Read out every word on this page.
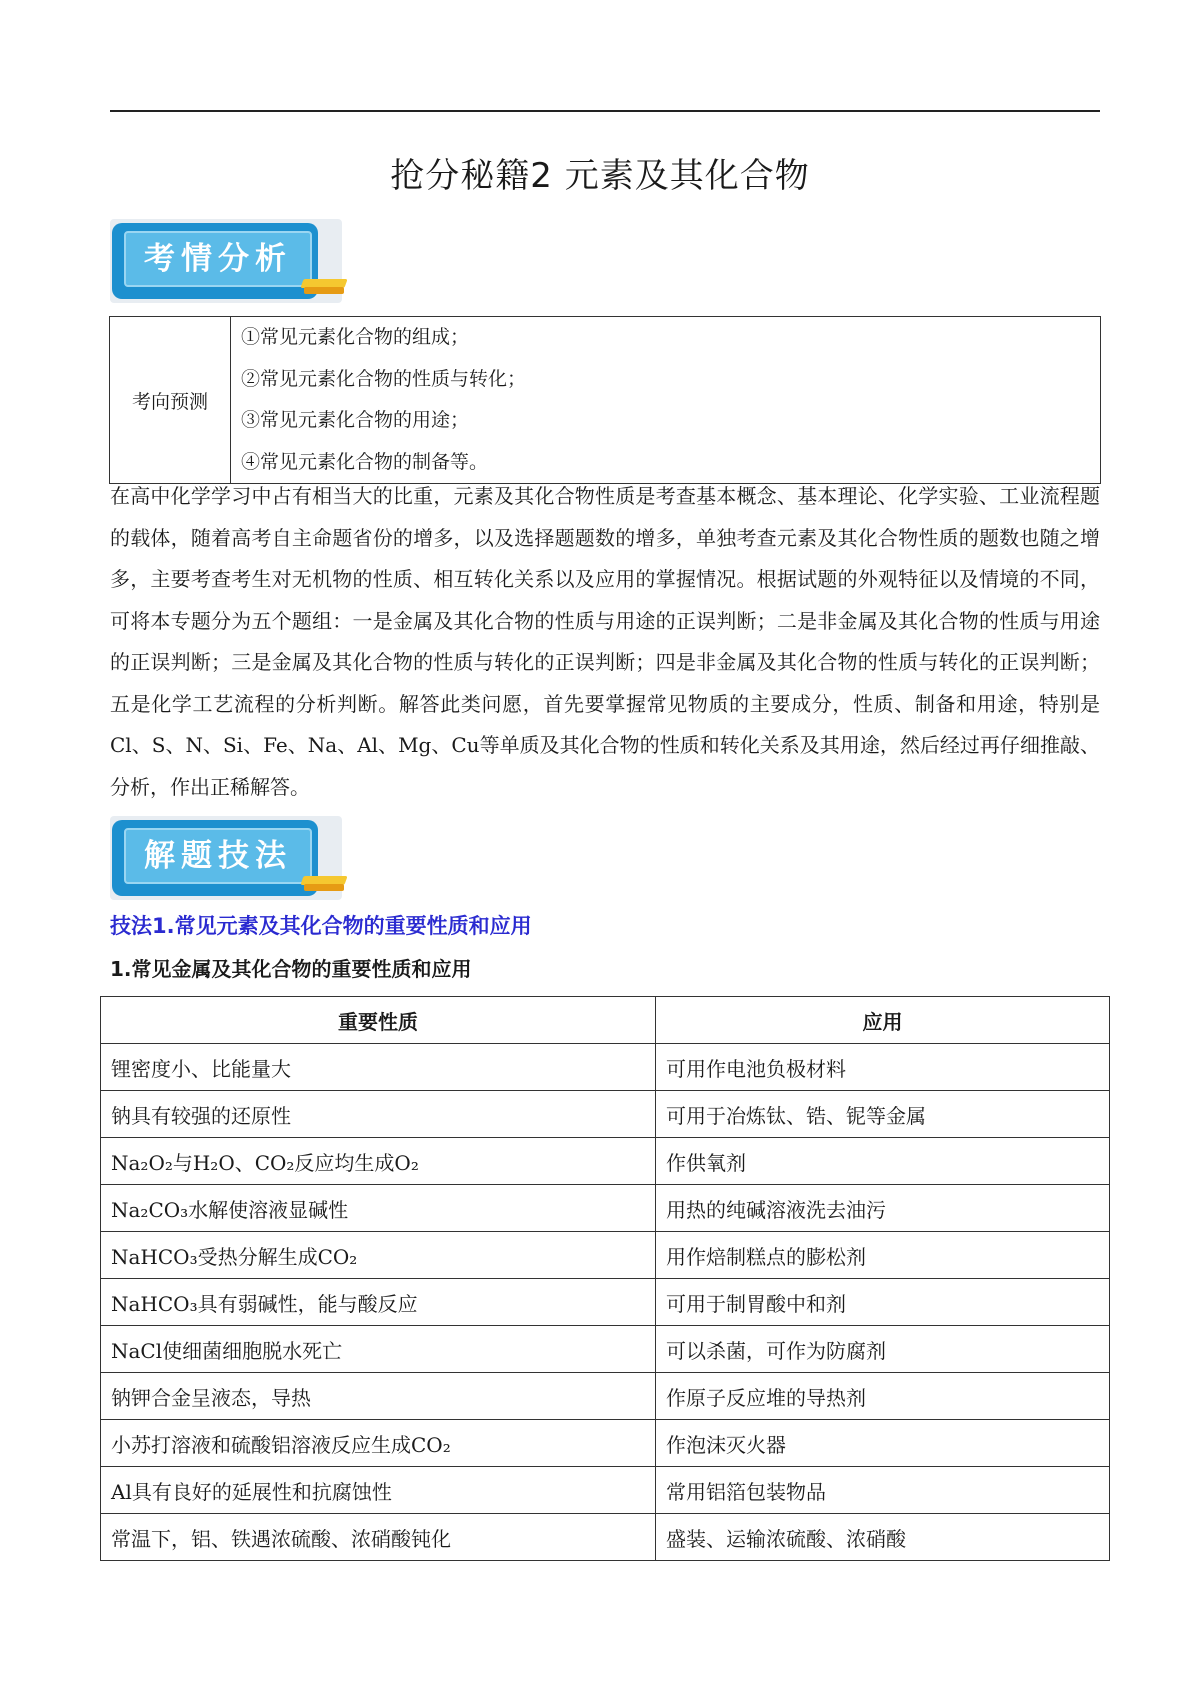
抢分秘籍2 元素及其化合物
考情分析
考向预测	
①常见元素化合物的组成；
②常见元素化合物的性质与转化；
③常见元素化合物的用途；
④常见元素化合物的制备等。

在高中化学学习中占有相当大的比重，元素及其化合物性质是考查基本概念、基本理论、化学实验、工业流程题的载体，随着高考自主命题省份的增多，以及选择题题数的增多，单独考查元素及其化合物性质的题数也随之增多，主要考查考生对无机物的性质、相互转化关系以及应用的掌握情况。根据试题的外观特征以及情境的不同，可将本专题分为五个题组：一是金属及其化合物的性质与用途的正误判断；二是非金属及其化合物的性质与用途的正误判断；三是金属及其化合物的性质与转化的正误判断；四是非金属及其化合物的性质与转化的正误判断；五是化学工艺流程的分析判断。解答此类问愿，首先要掌握常见物质的主要成分，性质、制备和用途，特别是Cl、S、N、Si、Fe、Na、Al、Mg、Cu等单质及其化合物的性质和转化关系及其用途，然后经过再仔细推敲、分析，作出正稀解答。

解题技法
技法1.常见元素及其化合物的重要性质和应用
1.常见金属及其化合物的重要性质和应用
重要性质	应用
锂密度小、比能量大	可用作电池负极材料
钠具有较强的还原性	可用于冶炼钛、锆、铌等金属
Na₂O₂与H₂O、CO₂反应均生成O₂	作供氧剂
Na₂CO₃水解使溶液显碱性	用热的纯碱溶液洗去油污
NaHCO₃受热分解生成CO₂	用作焙制糕点的膨松剂
NaHCO₃具有弱碱性，能与酸反应	可用于制胃酸中和剂
NaCl使细菌细胞脱水死亡	可以杀菌，可作为防腐剂
钠钾合金呈液态，导热	作原子反应堆的导热剂
小苏打溶液和硫酸铝溶液反应生成CO₂	作泡沫灭火器
Al具有良好的延展性和抗腐蚀性	常用铝箔包装物品
常温下，铝、铁遇浓硫酸、浓硝酸钝化	盛装、运输浓硫酸、浓硝酸
